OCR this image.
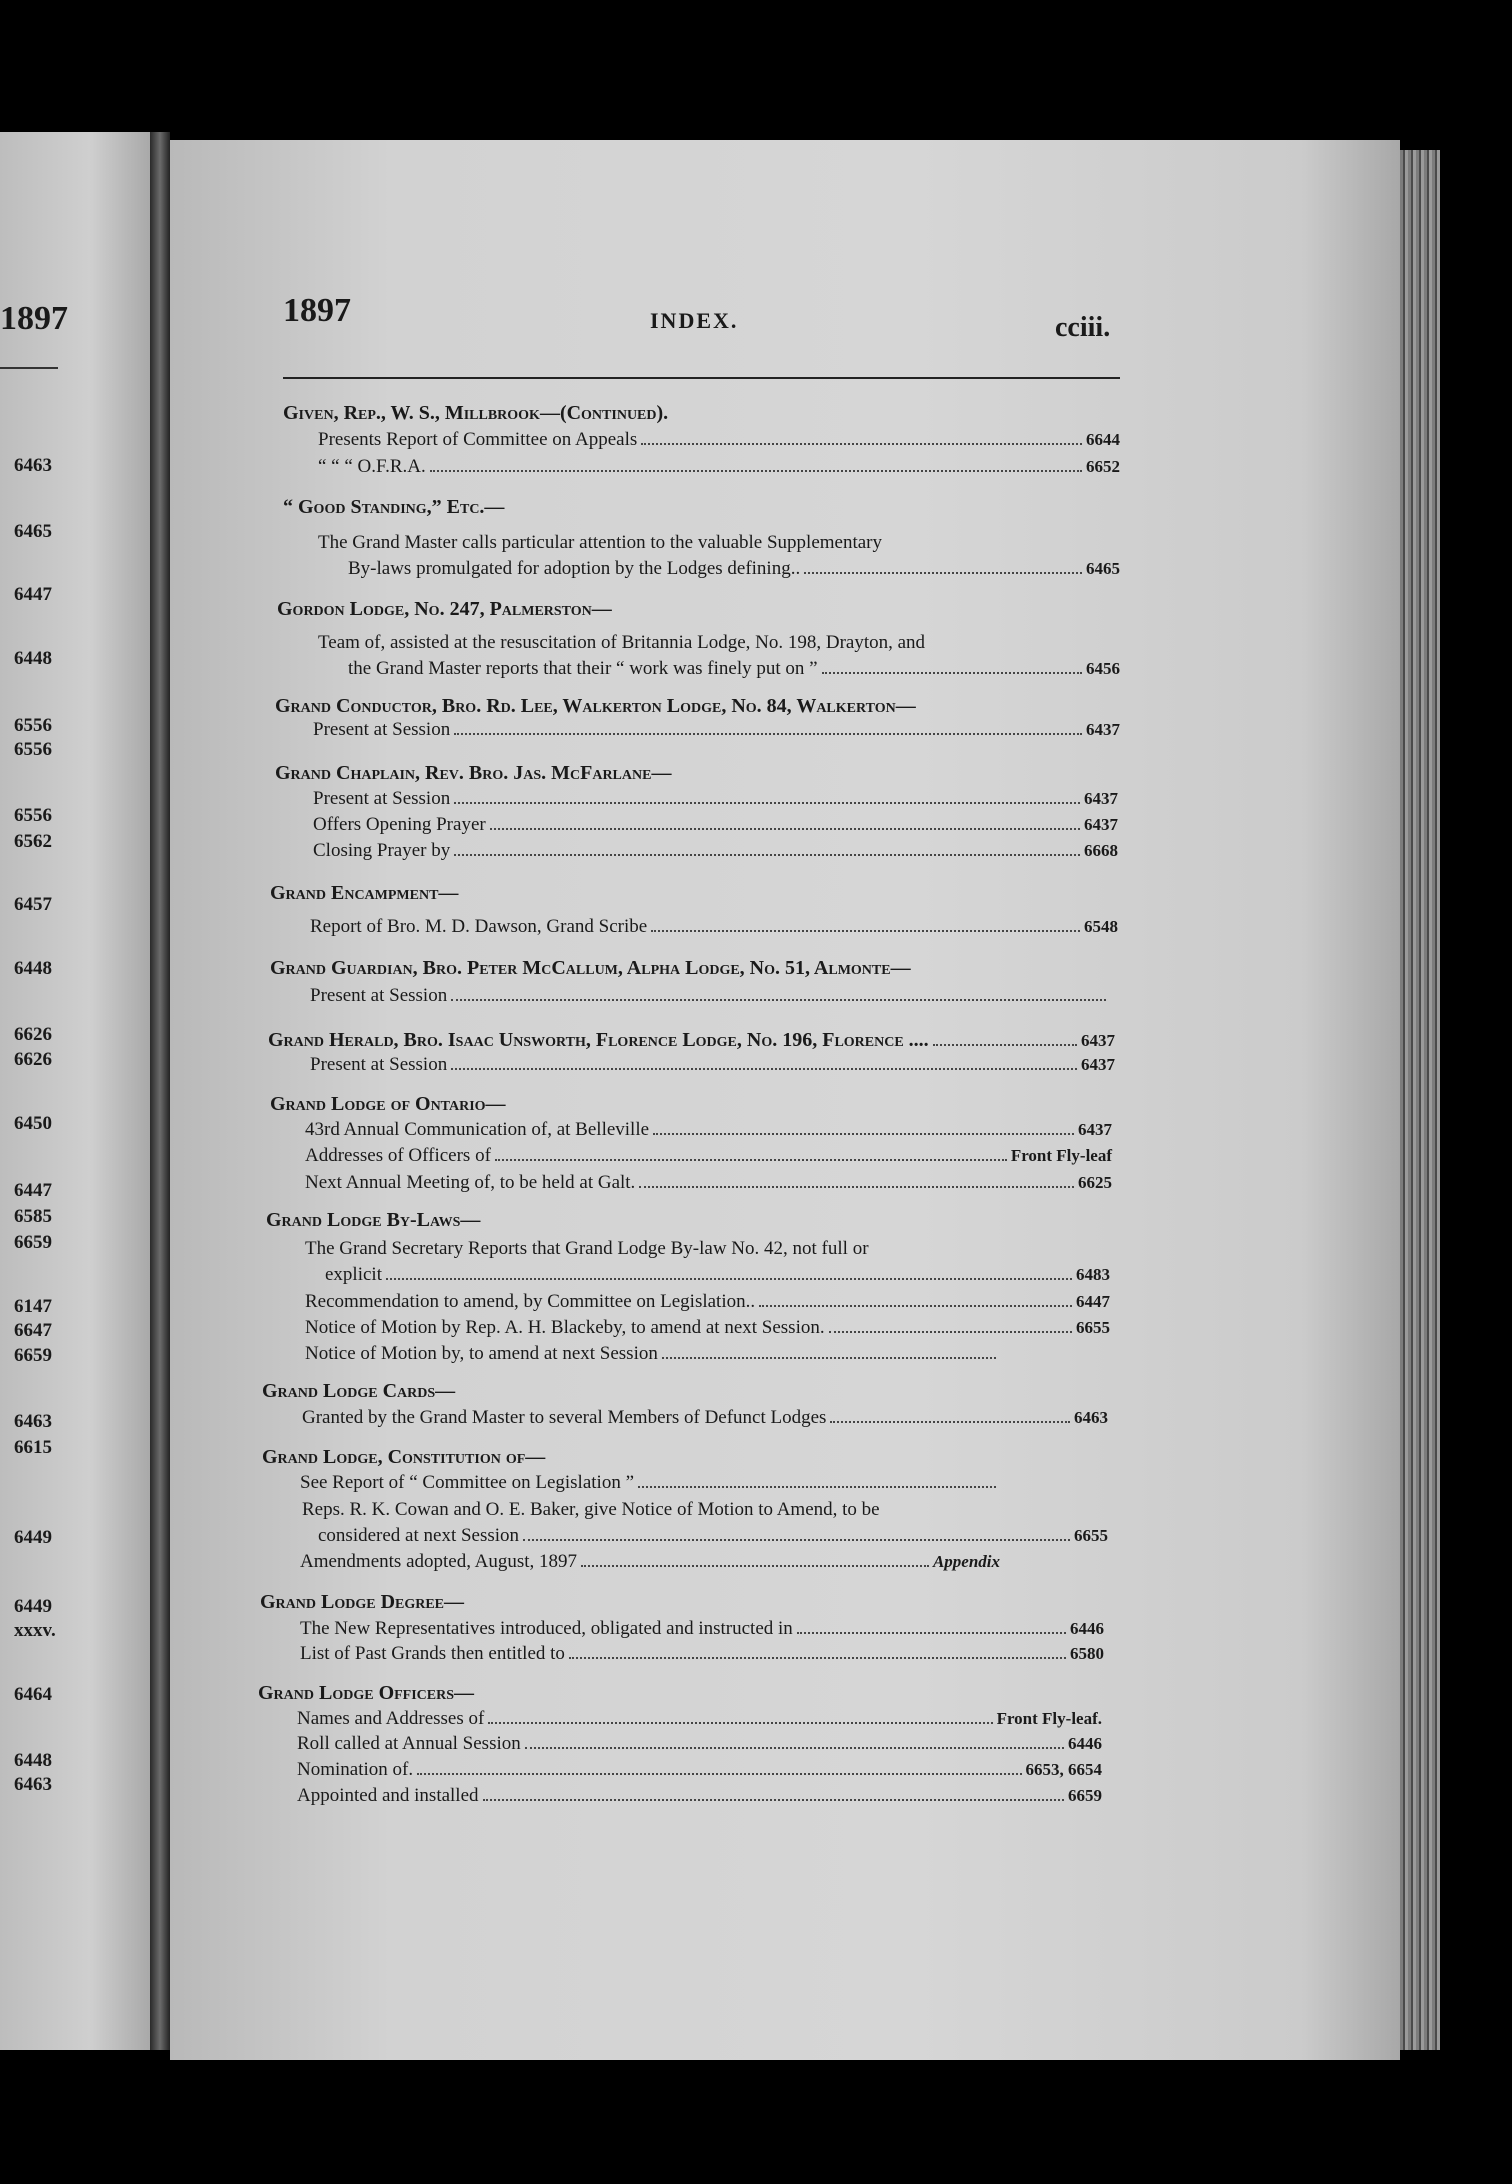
1897
6463
6465
6447
6448
6556
6556
6556
6562
6457
6448
6626
6626
6450
6447
6585
6659
6147
6647
6659
6463
6615
6449
6449
xxxv.
6464
6448
6463
1897	INDEX.	cciii.
Given, Rep., W. S., Millbrook—(Continued).
Presents Report of Committee on Appeals	6644
“ “ “ O.F.R.A.	6652
“ Good Standing,” Etc.—
The Grand Master calls particular attention to the valuable Supplementary
By-laws promulgated for adoption by the Lodges defining..	6465
Gordon Lodge, No. 247, Palmerston—
Team of, assisted at the resuscitation of Britannia Lodge, No. 198, Drayton, and
the Grand Master reports that their “ work was finely put on ”	6456
Grand Conductor, Bro. Rd. Lee, Walkerton Lodge, No. 84, Walkerton—
Present at Session	6437
Grand Chaplain, Rev. Bro. Jas. McFarlane—
Present at Session	6437
Offers Opening Prayer	6437
Closing Prayer by	6668
Grand Encampment—
Report of Bro. M. D. Dawson, Grand Scribe	6548
Grand Guardian, Bro. Peter McCallum, Alpha Lodge, No. 51, Almonte—
Present at Session
Grand Herald, Bro. Isaac Unsworth, Florence Lodge, No. 196, Florence ....	6437
Present at Session	6437
Grand Lodge of Ontario—
43rd Annual Communication of, at Belleville	6437
Addresses of Officers of	Front Fly-leaf
Next Annual Meeting of, to be held at Galt.	6625
Grand Lodge By-Laws—
The Grand Secretary Reports that Grand Lodge By-law No. 42, not full or
explicit	6483
Recommendation to amend, by Committee on Legislation..	6447
Notice of Motion by Rep. A. H. Blackeby, to amend at next Session.	6655
Notice of Motion by, to amend at next Session
Grand Lodge Cards—
Granted by the Grand Master to several Members of Defunct Lodges	6463
Grand Lodge, Constitution of—
See Report of “ Committee on Legislation ”
Reps. R. K. Cowan and O. E. Baker, give Notice of Motion to Amend, to be
considered at next Session	6655
Amendments adopted, August, 1897	Appendix
Grand Lodge Degree—
The New Representatives introduced, obligated and instructed in	6446
List of Past Grands then entitled to	6580
Grand Lodge Officers—
Names and Addresses of	Front Fly-leaf.
Roll called at Annual Session	6446
Nomination of.	6653, 6654
Appointed and installed	6659
